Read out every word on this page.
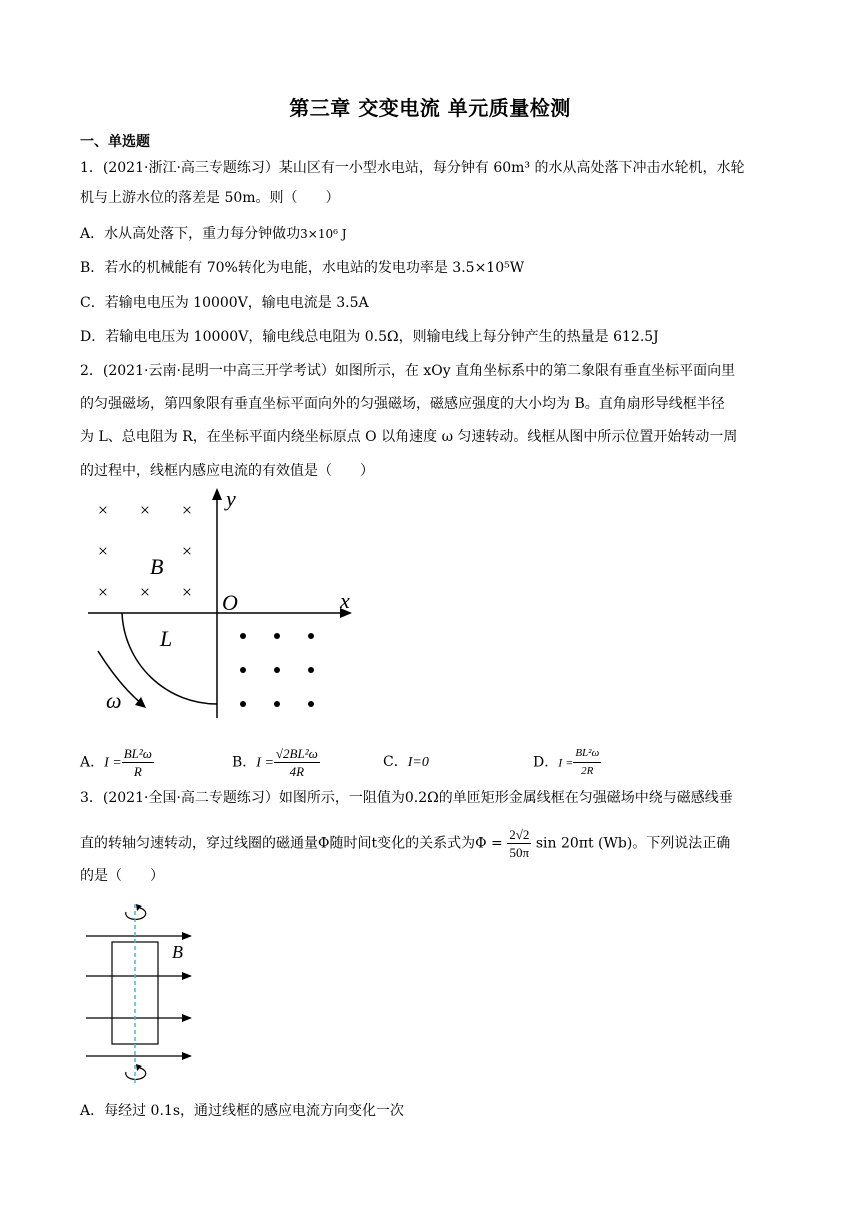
第三章 交变电流 单元质量检测
一、单选题
1．(2021·浙江·高三专题练习）某山区有一小型水电站，每分钟有 60m³ 的水从高处落下冲击水轮机，水轮
机与上游水位的落差是 50m。则（　　）
A．水从高处落下，重力每分钟做功3×10⁶ J
B．若水的机械能有 70%转化为电能，水电站的发电功率是 3.5×10⁵W
C．若输电电压为 10000V，输电电流是 3.5A
D．若输电电压为 10000V，输电线总电阻为 0.5Ω，则输电线上每分钟产生的热量是 612.5J
2．(2021·云南·昆明一中高三开学考试）如图所示，在 xOy 直角坐标系中的第二象限有垂直坐标平面向里
的匀强磁场，第四象限有垂直坐标平面向外的匀强磁场，磁感应强度的大小均为 B。直角扇形导线框半径
为 L、总电阻为 R，在坐标平面内绕坐标原点 O 以角速度 ω 匀速转动。线框从图中所示位置开始转动一周
的过程中，线框内感应电流的有效值是（　　）
y
x
O
× × ×
×	×
× × ×
B
L
ω
A．$I = \frac{\text{BL²ω}}{R}$	B．$I = \frac{\text{√2BL²ω}}{4R}$	C．I=0	D．$I = \frac{\text{BL²ω}}{2R}$
3．(2021·全国·高二专题练习）如图所示，一阻值为0.2Ω的单匝矩形金属线框在匀强磁场中绕与磁感线垂
直的转轴匀速转动，穿过线圈的磁通量Φ随时间t变化的关系式为$\Phi = \frac{2√2}{50\pi}$ sin 20πt (Wb)。下列说法正确
的是（　　）
B
A．每经过 0.1s，通过线框的感应电流方向变化一次
